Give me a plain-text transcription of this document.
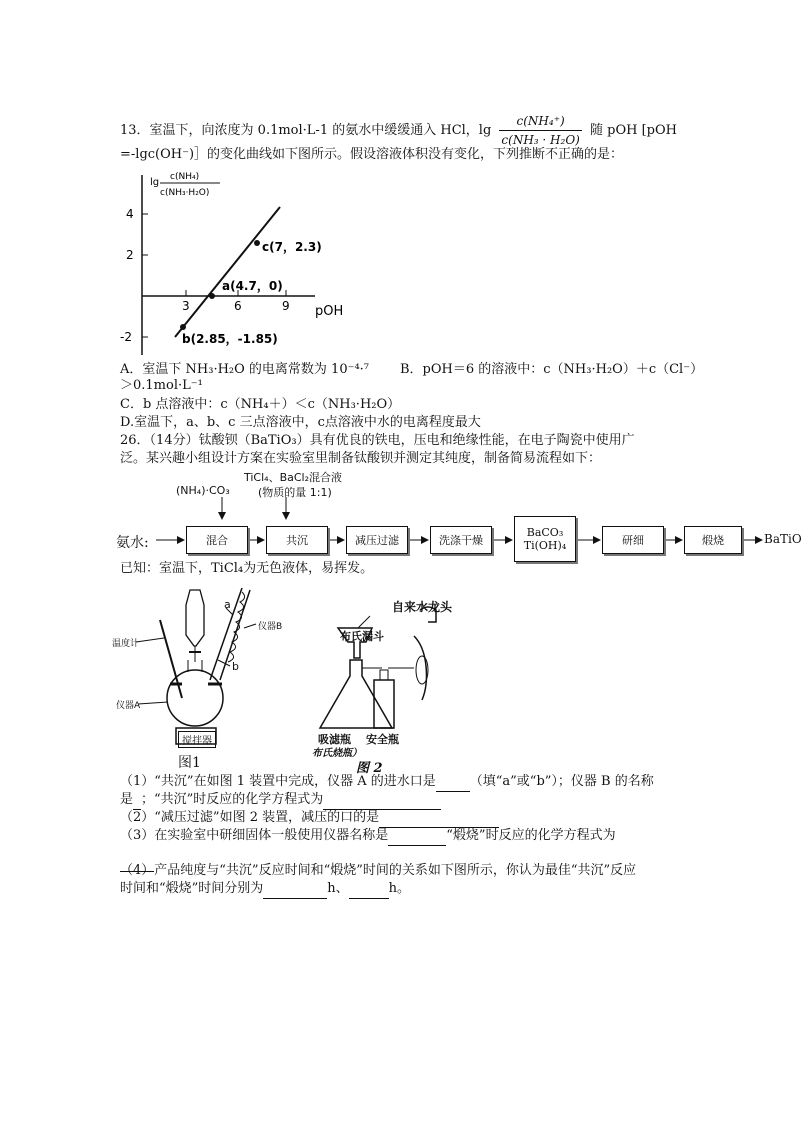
13．室温下，向浓度为 0.1mol·L-1 的氨水中缓缓通入 HCl，$\lg \frac{\text{c(NH₄⁺)}}{\text{c(NH₃ · H₂O)}}$ 随 pOH [pOH
=-lgc(OH⁻)］的变化曲线如下图所示。假设溶液体积没有变化，下列推断不正确的是：
lg c(NH₄)
c(NH₃·H₂O)
4
2
-2
3	6	9 pOH
a(4.7，0)
b(2.85，-1.85)
c(7，2.3)
A．室温下 NH₃·H₂O 的电离常数为 10⁻⁴·⁷ B．pOH＝6 的溶液中：c（NH₃·H₂O）＋c（Cl⁻）
＞0.1mol·L⁻¹
C．b 点溶液中：c（NH₄＋）＜c（NH₃·H₂O）
D.室温下，a、b、c 三点溶液中，c点溶液中水的电离程度最大
26．（14分）钛酸钡（BaTiO₃）具有优良的铁电，压电和绝缘性能，在电子陶瓷中使用广
泛。某兴趣小组设计方案在实验室里制备钛酸钡并测定其纯度，制备简易流程如下：
(NH₄)·CO₃
TiCl₄、BaCl₂混合液
(物质的量 1:1)
氨水:	混合	共沉	减压过滤	洗涤干燥
BaCO₃
Ti(OH)₄	研细	煅烧	BaTiO
已知：室温下，TiCl₄为无色液体，易挥发。
温度计
仪器A
仪器B
a
b
搅拌器
图1
自来水龙头
布氏漏斗
吸滤瓶
布氏烧瓶）
安全瓶
图 2
（1）“共沉”在如图 1 装置中完成，仪器 A 的进水口是	（填“a”或“b”）；仪器 B 的名称
是 ；“共沉”时反应的化学方程式为
（2）“减压过滤”如图 2 装置，减压的口的是
（3）在实验室中研细固体一般使用仪器名称是	“煅烧”时反应的化学方程式为

（4）产品纯度与“共沉”反应时间和“煅烧”时间的关系如下图所示，你认为最佳“共沉”反应
时间和“煅烧”时间分别为	h、	h。
